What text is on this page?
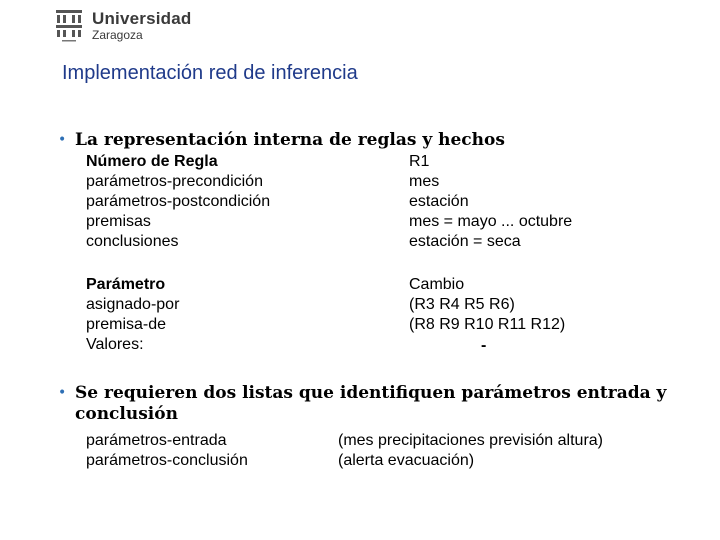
Universidad
Zaragoza
Implementación red de inferencia
• La representación interna de reglas y hechos
Número de Regla
parámetros-precondición
parámetros-postcondición
premisas
conclusiones
R1
mes
estación
mes = mayo ... octubre
estación = seca
Parámetro
asignado-por
premisa-de
Valores:
Cambio
(R3 R4 R5 R6)
(R8 R9 R10 R11 R12)
-
• Se requieren dos listas que identifiquen parámetros entrada y conclusión
parámetros-entrada
parámetros-conclusión
(mes precipitaciones previsión altura)
(alerta evacuación)
